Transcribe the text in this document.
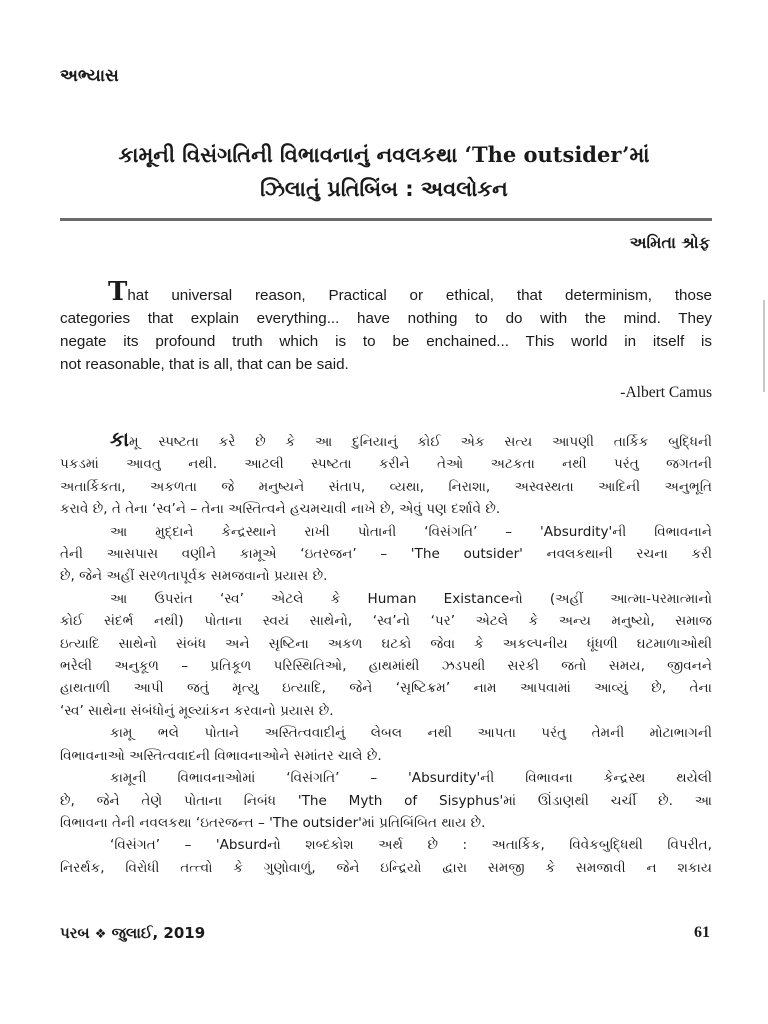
અભ્યાસ
કામૂની વિસંગતિની વિભાવનાનું નવલકથા ‘The outsider’માં
ઝિલાતું પ્રતિબિંબ : અવલોકન
અમિતા શ્રોફ
That universal reason, Practical or ethical, that determinism, those
categories that explain everything... have nothing to do with the mind. They
negate its profound truth which is to be enchained... This world in itself is
not reasonable, that is all, that can be said.
-Albert Camus

કામૂ સ્પષ્ટતા કરે છે કે આ દુનિયાનું કોઈ એક સત્ય આપણી તાર્કિક બુદ્ધિની
પકડમાં આવતુ નથી. આટલી સ્પષ્ટતા કરીને તેઓ અટકતા નથી પરંતુ જગતની
અતાર્કિકતા, અકળતા જે મનુષ્યને સંતાપ, વ્યથા, નિરાશા, અસ્વસ્થતા આદિની અનુભૂતિ
કરાવે છે, તે તેના ‘સ્વ’ને – તેના અસ્તિત્વને હચમચાવી નાખે છે, એવું પણ દર્શાવે છે.

આ મુદ્દાને કેન્દ્રસ્થાને રાખી પોતાની ‘વિસંગતિ’ – 'Absurdity'ની વિભાવનાને
તેની આસપાસ વણીને કામૂએ ‘ઇતરજન’ – 'The outsider' નવલકથાની રચના કરી
છે, જેને અહીં સરળતાપૂર્વક સમજવાનો પ્રયાસ છે.

આ ઉપરાંત ‘સ્વ’ એટલે કે Human Existanceનો (અહીં આત્મા-પરમાત્માનો
કોઈ સંદર્ભ નથી) પોતાના સ્વયં સાથેનો, ‘સ્વ’નો ‘પર’ એટલે કે અન્ય મનુષ્યો, સમાજ
ઇત્યાદિ સાથેનો સંબંધ અને સૃષ્ટિના અકળ ઘટકો જેવા કે અકલ્પનીય ધૂંધળી ઘટમાળાઓથી
ભરેલી અનુકૂળ – પ્રતિકૂળ પરિસ્થિતિઓ, હાથમાંથી ઝડપથી સરકી જતો સમય, જીવનને
હાથતાળી આપી જતું મૃત્યુ ઇત્યાદિ, જેને ‘સૃષ્ટિક્રમ’ નામ આપવામાં આવ્યું છે, તેના
‘સ્વ’ સાથેના સંબંધોનું મૂલ્યાંકન કરવાનો પ્રયાસ છે.

કામૂ ભલે પોતાને અસ્તિત્વવાદીનું લેબલ નથી આપતા પરંતુ તેમની મોટાભાગની
વિભાવનાઓ અસ્તિત્વવાદની વિભાવનાઓને સમાંતર ચાલે છે.

કામૂની વિભાવનાઓમાં ‘વિસંગતિ’ – 'Absurdity'ની વિભાવના કેન્દ્રસ્થ થયેલી
છે, જેને તેણે પોતાના નિબંધ 'The Myth of Sisyphus'માં ઊંડાણથી ચર્ચી છે. આ
વિભાવના તેની નવલકથા ‘ઇતરજન્ત – 'The outsider'માં પ્રતિબિંબિત થાય છે.

‘વિસંગત’ – 'Absurdનો શબ્દકોશ અર્થ છે : અતાર્કિક, વિવેકબુદ્ધિથી વિપરીત,
નિરર્થક, વિરોધી તત્ત્વો કે ગુણોવાળું, જેને ઇન્દ્રિયો દ્વારા સમજી કે સમજાવી ન શકાય

પરબ ❖ જુલાઈ, 2019	61
